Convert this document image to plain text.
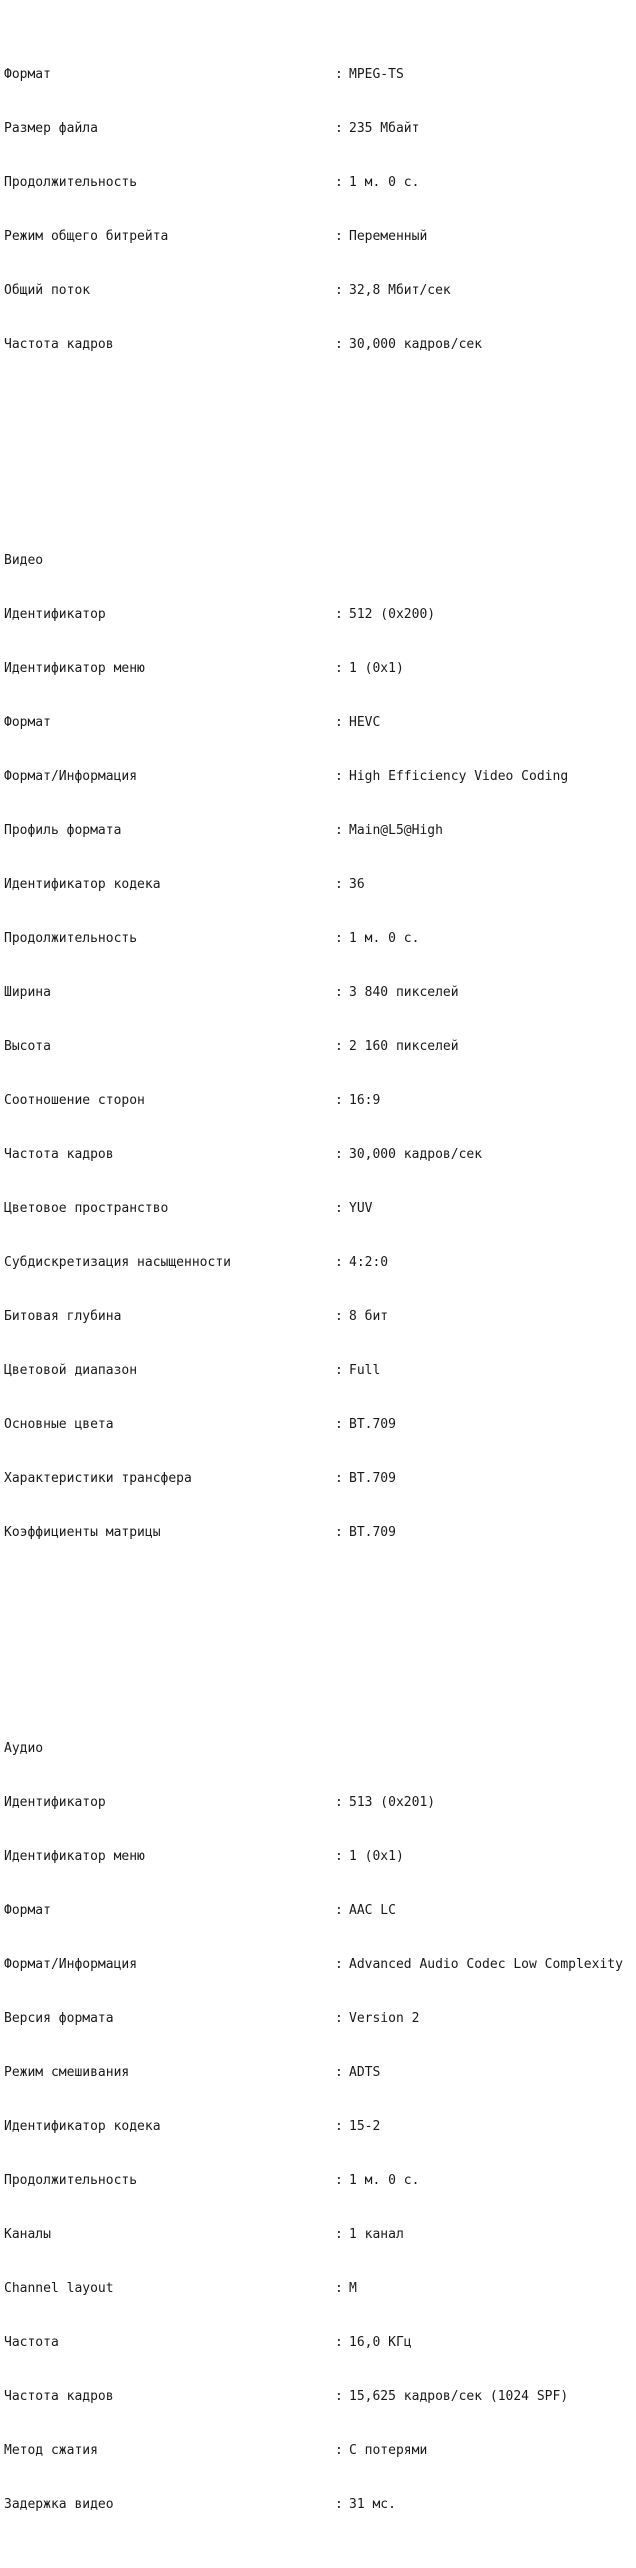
Формат	: MPEG-TS

Размер файла	: 235 Мбайт

Продолжительность	: 1 м. 0 с.

Режим общего битрейта	: Переменный

Общий поток	: 32,8 Мбит/сек

Частота кадров	: 30,000 кадров/сек

Видео

Идентификатор	: 512 (0x200)

Идентификатор меню	: 1 (0x1)

Формат	: HEVC

Формат/Информация	: High Efficiency Video Coding

Профиль формата	: Main@L5@High

Идентификатор кодека	: 36

Продолжительность	: 1 м. 0 с.

Ширина	: 3 840 пикселей

Высота	: 2 160 пикселей

Соотношение сторон	: 16:9

Частота кадров	: 30,000 кадров/сек

Цветовое пространство	: YUV

Субдискретизация насыщенности	: 4:2:0

Битовая глубина	: 8 бит

Цветовой диапазон	: Full

Основные цвета	: BT.709

Характеристики трансфера	: BT.709

Коэффициенты матрицы	: BT.709

Аудио

Идентификатор	: 513 (0x201)

Идентификатор меню	: 1 (0x1)

Формат	: AAC LC

Формат/Информация	: Advanced Audio Codec Low Complexity

Версия формата	: Version 2

Режим смешивания	: ADTS

Идентификатор кодека	: 15-2

Продолжительность	: 1 м. 0 с.

Каналы	: 1 канал

Channel layout	: M

Частота	: 16,0 КГц

Частота кадров	: 15,625 кадров/сек (1024 SPF)

Метод сжатия	: С потерями

Задержка видео	: 31 мс.
